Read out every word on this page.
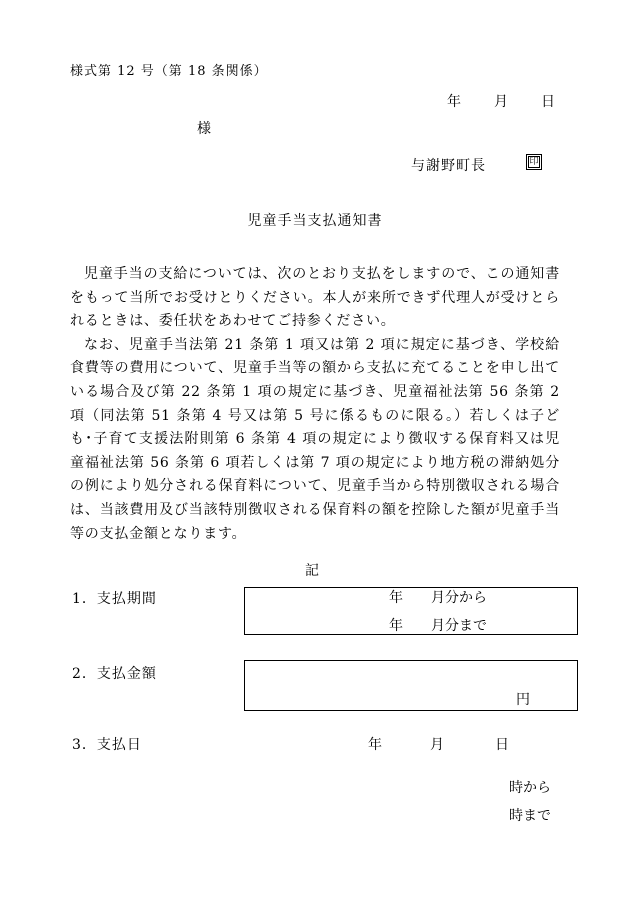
様式第 12 号（第 18 条関係）
年 月 日
様
与謝野町長	印
児童手当支払通知書

児童手当の支給については、次のとおり支払をしますので、この通知書をもって当所でお受けとりください。本人が来所できず代理人が受けとられるときは、委任状をあわせてご持参ください。

なお、児童手当法第 21 条第 1 項又は第 2 項に規定に基づき、学校給食費等の費用について、児童手当等の額から支払に充てることを申し出ている場合及び第 22 条第 1 項の規定に基づき、児童福祉法第 56 条第 2 項（同法第 51 条第 4 号又は第 5 号に係るものに限る。）若しくは子ども･子育て支援法附則第 6 条第 4 項の規定により徴収する保育料又は児童福祉法第 56 条第 6 項若しくは第 7 項の規定により地方税の滞納処分の例により処分される保育料について、児童手当から特別徴収される場合は、当該費用及び当該特別徴収される保育料の額を控除した額が児童手当等の支払金額となります。

記
1．支払期間	年　　月分から
年　　月分まで
2．支払金額
円
3．支払日	年	月	日
時から
時まで
